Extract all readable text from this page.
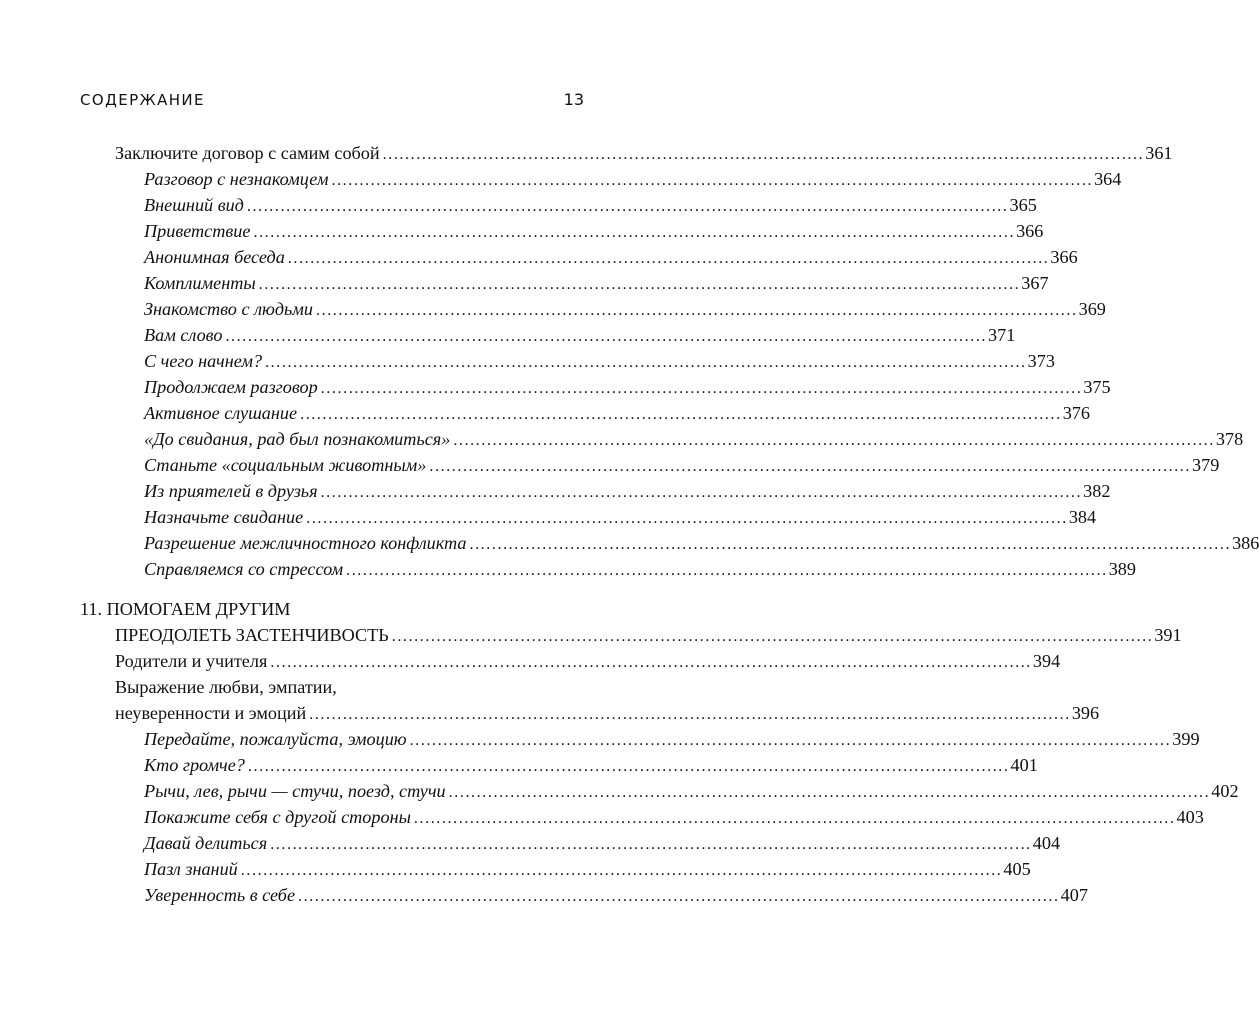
СОДЕРЖАНИЕ	13
Заключите договор с самим собой ........................................................................................................................................ 361
Разговор с незнакомцем ........................................................................................................................................ 364
Внешний вид ........................................................................................................................................ 365
Приветствие ........................................................................................................................................ 366
Анонимная беседа ........................................................................................................................................ 366
Комплименты ........................................................................................................................................ 367
Знакомство с людьми ........................................................................................................................................ 369
Вам слово ........................................................................................................................................ 371
С чего начнем? ........................................................................................................................................ 373
Продолжаем разговор ........................................................................................................................................ 375
Активное слушание ........................................................................................................................................ 376
«До свидания, рад был познакомиться» ........................................................................................................................................ 378
Станьте «социальным животным» ........................................................................................................................................ 379
Из приятелей в друзья ........................................................................................................................................ 382
Назначьте свидание ........................................................................................................................................ 384
Разрешение межличностного конфликта ........................................................................................................................................ 386
Справляемся со стрессом ........................................................................................................................................ 389
11. ПОМОГАЕМ ДРУГИМ
ПРЕОДОЛЕТЬ ЗАСТЕНЧИВОСТЬ ........................................................................................................................................ 391
Родители и учителя ........................................................................................................................................ 394
Выражение любви, эмпатии,
неуверенности и эмоций ........................................................................................................................................ 396
Передайте, пожалуйста, эмоцию ........................................................................................................................................ 399
Кто громче? ........................................................................................................................................ 401
Рычи, лев, рычи — стучи, поезд, стучи ........................................................................................................................................ 402
Покажите себя с другой стороны ........................................................................................................................................ 403
Давай делиться ........................................................................................................................................ 404
Пазл знаний ........................................................................................................................................ 405
Уверенность в себе ........................................................................................................................................ 407
